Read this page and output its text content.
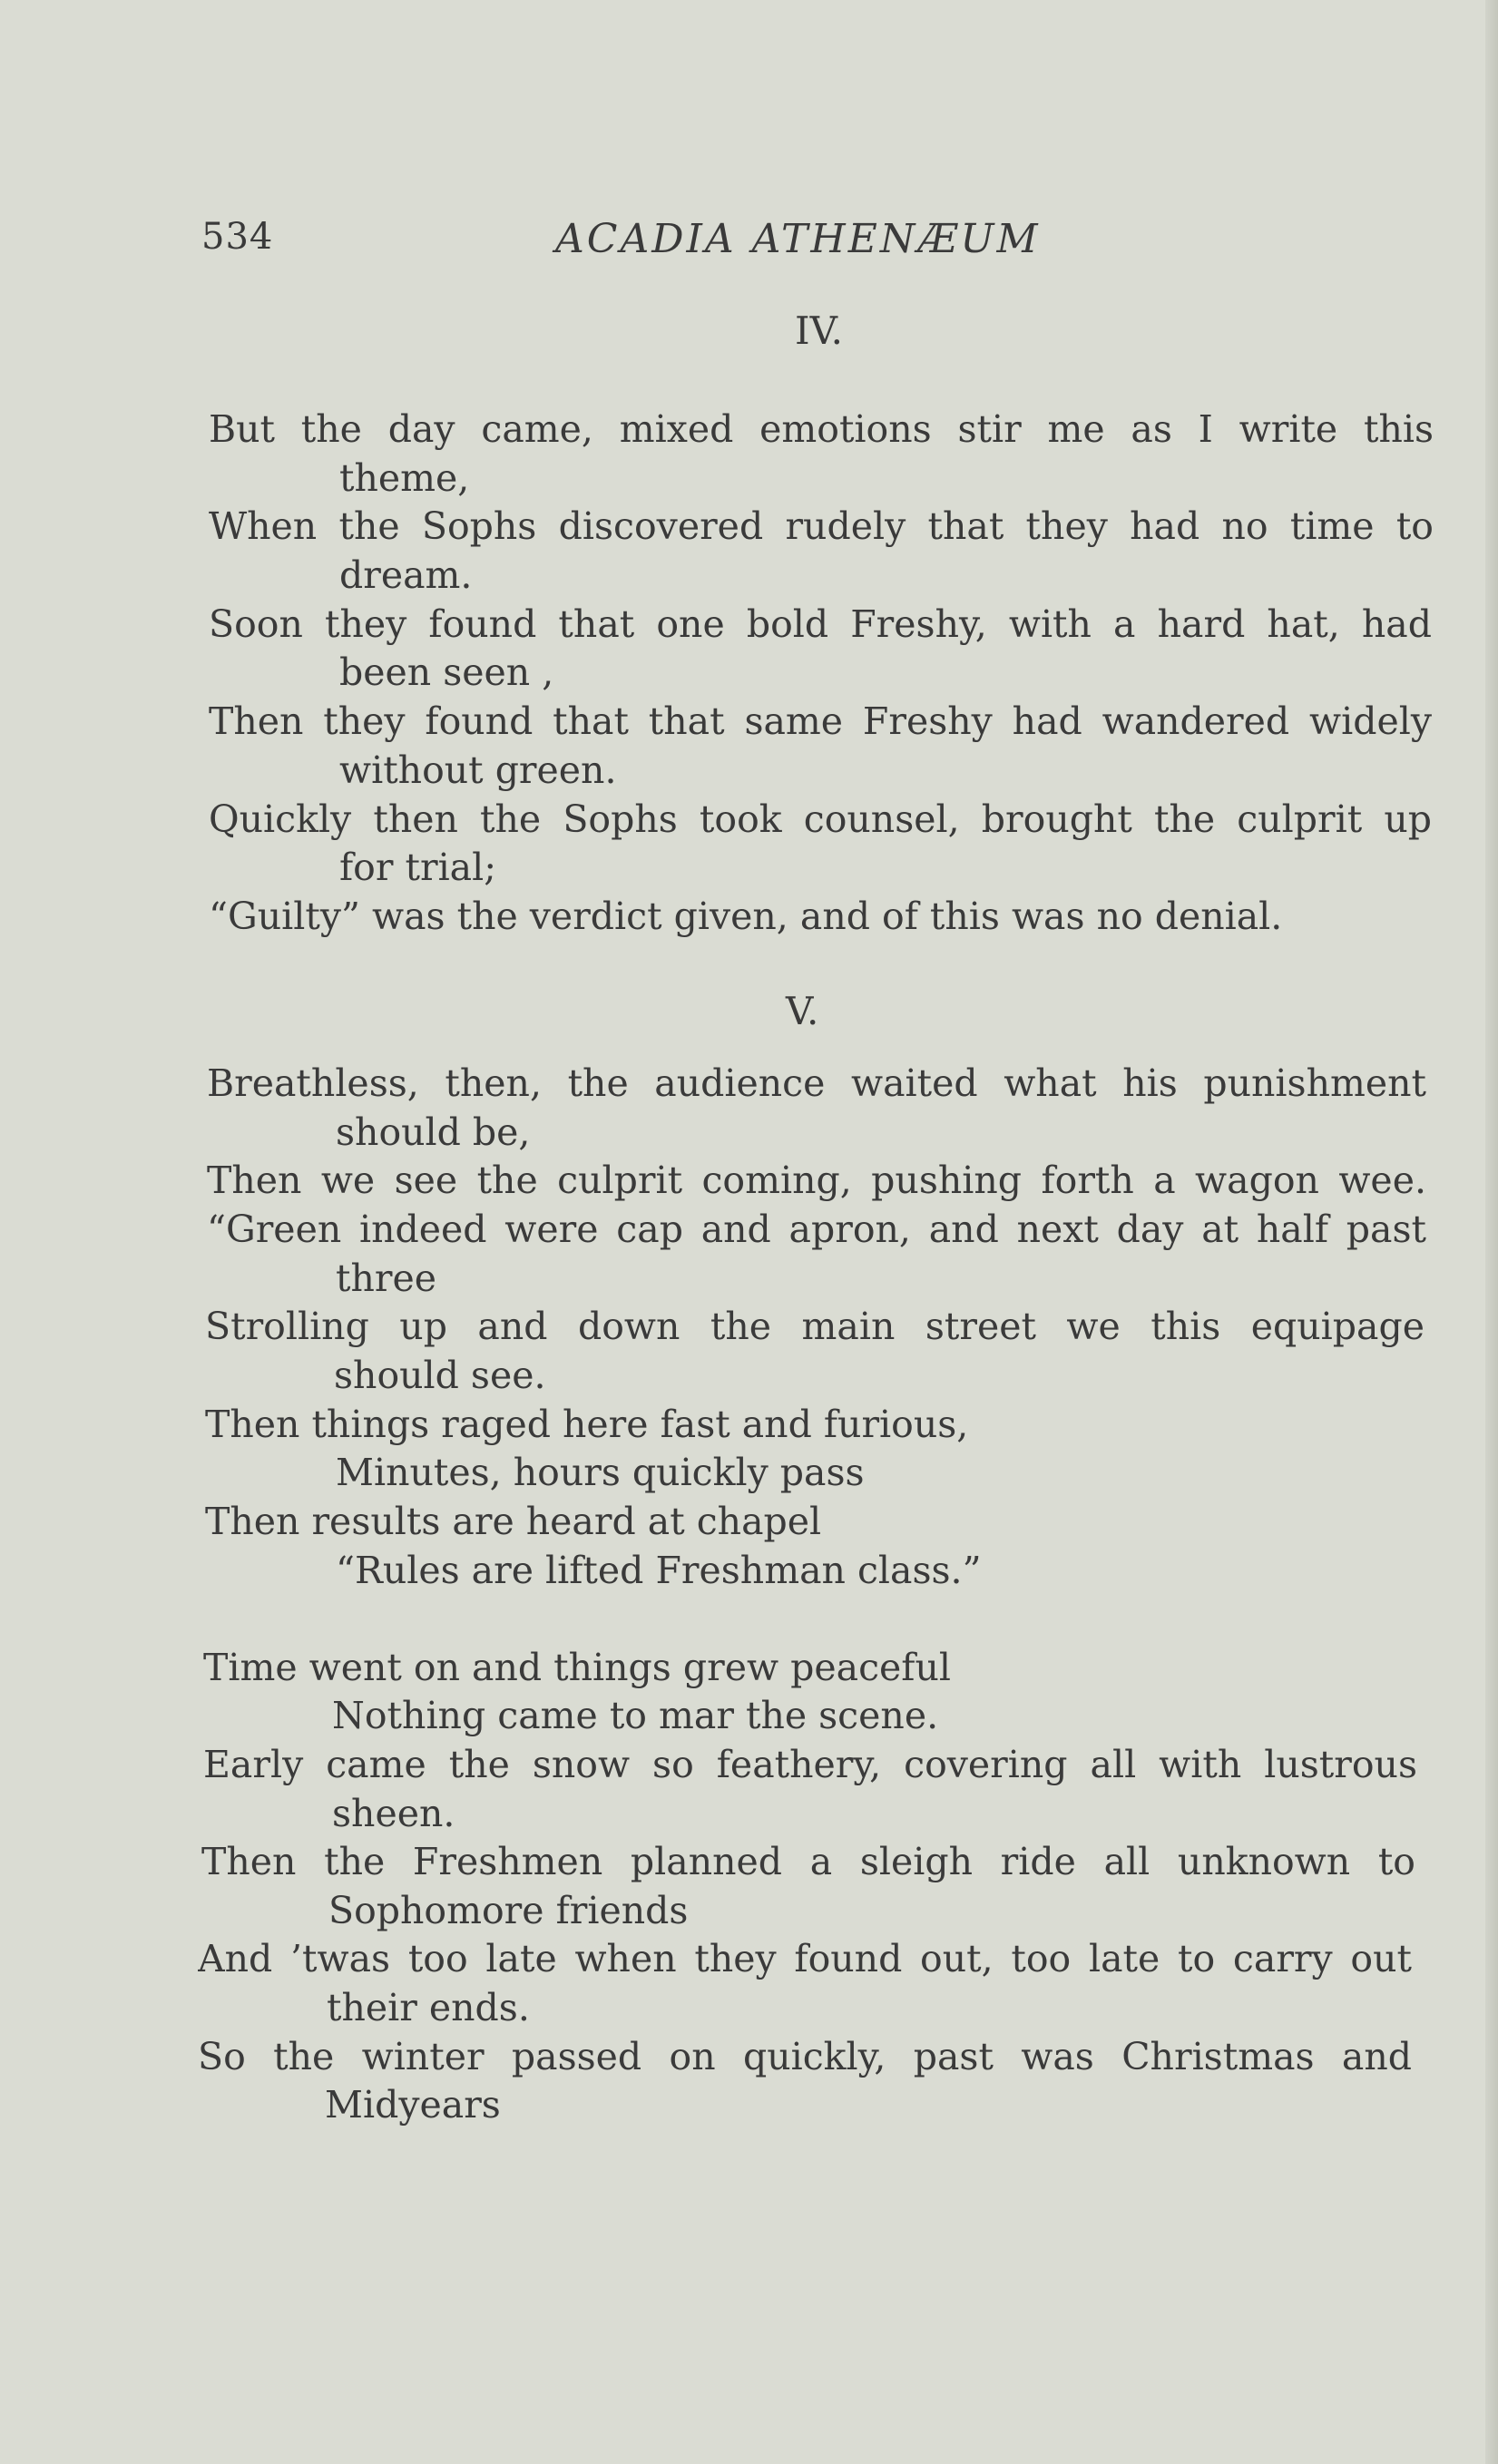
534	ACADIA ATHENÆUM
IV.
But the day came, mixed emotions stir me as I write this
theme,
When the Sophs discovered rudely that they had no time to
dream.
Soon they found that one bold Freshy, with a hard hat, had
been seen ,
Then they found that that same Freshy had wandered widely
without green.
Quickly then the Sophs took counsel, brought the culprit up
for trial;
“Guilty” was the verdict given, and of this was no denial.
V.
Breathless, then, the audience waited what his punishment
should be,
Then we see the culprit coming, pushing forth a wagon wee.
“Green indeed were cap and apron, and next day at half past
three
Strolling up and down the main street we this equipage
should see.
Then things raged here fast and furious,
Minutes, hours quickly pass
Then results are heard at chapel
“Rules are lifted Freshman class.”
Time went on and things grew peaceful
Nothing came to mar the scene.
Early came the snow so feathery, covering all with lustrous
sheen.
Then the Freshmen planned a sleigh ride all unknown to
Sophomore friends
And ’twas too late when they found out, too late to carry out
their ends.
So the winter passed on quickly, past was Christmas and
Midyears
